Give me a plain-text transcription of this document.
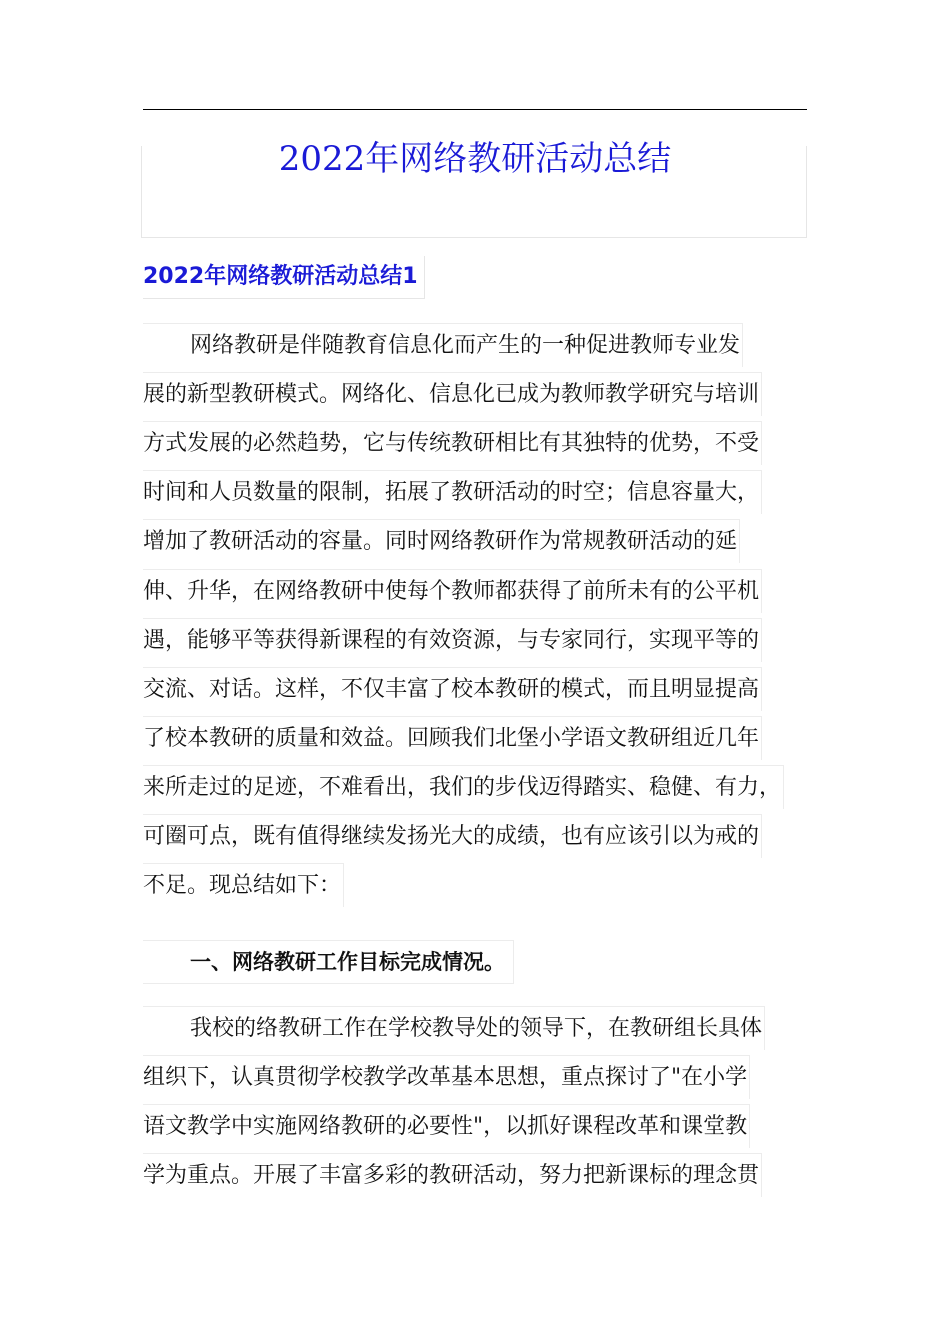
2022年网络教研活动总结
2022年网络教研活动总结1
网络教研是伴随教育信息化而产生的一种促进教师专业发
展的新型教研模式。网络化、信息化已成为教师教学研究与培训
方式发展的必然趋势，它与传统教研相比有其独特的优势，不受
时间和人员数量的限制，拓展了教研活动的时空；信息容量大，
增加了教研活动的容量。同时网络教研作为常规教研活动的延
伸、升华，在网络教研中使每个教师都获得了前所未有的公平机
遇，能够平等获得新课程的有效资源，与专家同行，实现平等的
交流、对话。这样，不仅丰富了校本教研的模式，而且明显提高
了校本教研的质量和效益。回顾我们北堡小学语文教研组近几年
来所走过的足迹，不难看出，我们的步伐迈得踏实、稳健、有力，
可圈可点，既有值得继续发扬光大的成绩，也有应该引以为戒的
不足。现总结如下：
一、网络教研工作目标完成情况。
我校的络教研工作在学校教导处的领导下，在教研组长具体
组织下，认真贯彻学校教学改革基本思想，重点探讨了"在小学
语文教学中实施网络教研的必要性"，以抓好课程改革和课堂教
学为重点。开展了丰富多彩的教研活动，努力把新课标的理念贯
